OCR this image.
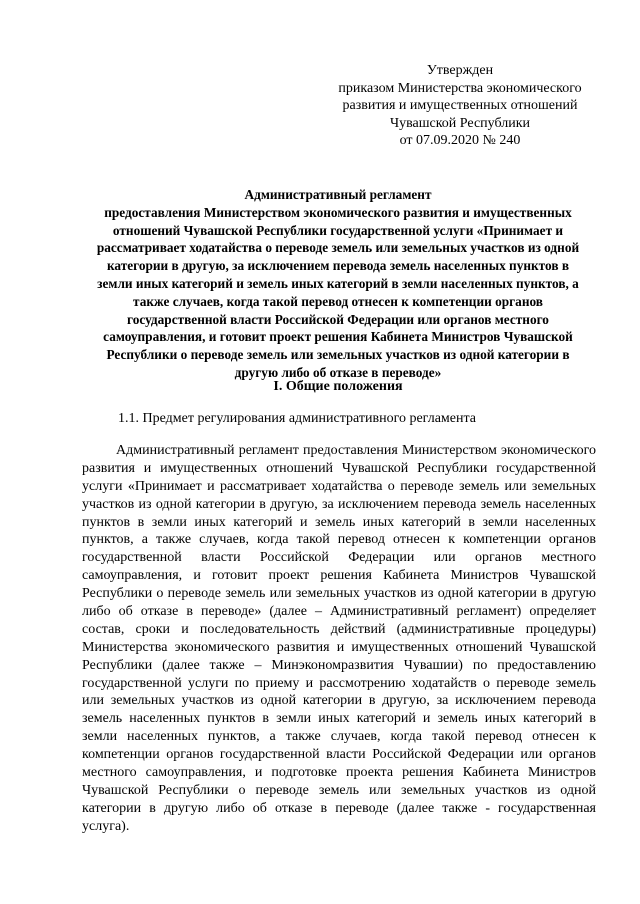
Утвержден
приказом Министерства экономического
развития и имущественных отношений
Чувашской Республики
от 07.09.2020 № 240
Административный регламент
предоставления Министерством экономического развития и имущественных
отношений Чувашской Республики государственной услуги «Принимает и
рассматривает ходатайства о переводе земель или земельных участков из одной
категории в другую, за исключением перевода земель населенных пунктов в
земли иных категорий и земель иных категорий в земли населенных пунктов, а
также случаев, когда такой перевод отнесен к компетенции органов
государственной власти Российской Федерации или органов местного
самоуправления, и готовит проект решения Кабинета Министров Чувашской
Республики о переводе земель или земельных участков из одной категории в
другую либо об отказе в переводе»
I. Общие положения
1.1. Предмет регулирования административного регламента
Административный регламент предоставления Министерством экономического
развития и имущественных отношений Чувашской Республики государственной
услуги «Принимает и рассматривает ходатайства о переводе земель или земельных
участков из одной категории в другую, за исключением перевода земель населенных
пунктов в земли иных категорий и земель иных категорий в земли населенных
пунктов, а также случаев, когда такой перевод отнесен к компетенции органов
государственной власти Российской Федерации или органов местного
самоуправления, и готовит проект решения Кабинета Министров Чувашской
Республики о переводе земель или земельных участков из одной категории в другую
либо об отказе в переводе» (далее – Административный регламент) определяет
состав, сроки и последовательность действий (административные процедуры)
Министерства экономического развития и имущественных отношений Чувашской
Республики (далее также – Минэкономразвития Чувашии) по предоставлению
государственной услуги по приему и рассмотрению ходатайств о переводе земель
или земельных участков из одной категории в другую, за исключением перевода
земель населенных пунктов в земли иных категорий и земель иных категорий в
земли населенных пунктов, а также случаев, когда такой перевод отнесен к
компетенции органов государственной власти Российской Федерации или органов
местного самоуправления, и подготовке проекта решения Кабинета Министров
Чувашской Республики о переводе земель или земельных участков из одной
категории в другую либо об отказе в переводе (далее также - государственная
услуга).
